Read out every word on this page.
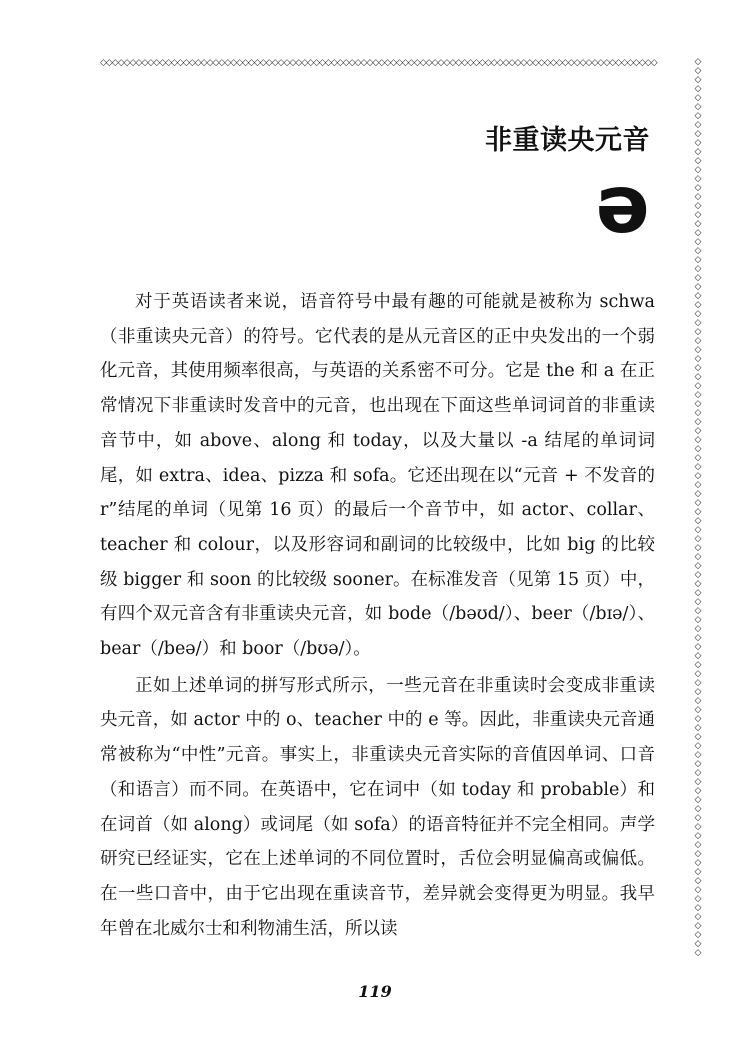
◇◇◇◇◇◇◇◇◇◇◇◇◇◇◇◇◇◇◇◇◇◇◇◇◇◇◇◇◇◇◇◇◇◇◇◇◇◇◇◇◇◇◇◇◇◇◇◇◇◇◇◇◇◇◇◇◇◇◇◇◇◇◇◇◇◇◇◇◇◇◇◇◇◇◇◇◇◇◇◇◇◇◇◇◇◇◇◇◇◇◇◇◇◇	◇
◇
◇
◇
◇
◇
◇
◇
◇
◇
◇
◇
◇
◇
◇
◇
◇
◇
◇
◇
◇
◇
◇
◇
◇
◇
◇
◇
◇
◇
◇
◇
◇
◇
◇
◇
◇
◇
◇
◇
◇
◇
◇
◇
◇
◇
◇
◇
◇
◇
◇
◇
◇
◇
◇
◇
◇
◇
◇
◇
◇
◇
◇
◇
◇
◇
◇
◇
◇
◇
◇
◇
◇
◇
◇
◇
◇
◇
◇
◇
◇
◇
◇
◇
◇
◇
◇
◇
◇
◇
◇
◇
◇
◇
◇
◇
◇
◇
◇
◇
非重读央元音
ə

对于英语读者来说，语音符号中最有趣的可能就是被称为 schwa（非重读央元音）的符号。它代表的是从元音区的正中央发出的一个弱化元音，其使用频率很高，与英语的关系密不可分。它是 the 和 a 在正常情况下非重读时发音中的元音，也出现在下面这些单词词首的非重读音节中，如 above、along 和 today，以及大量以 -a 结尾的单词词尾，如 extra、idea、pizza 和 sofa。它还出现在以“元音 + 不发音的 r”结尾的单词（见第 16 页）的最后一个音节中，如 actor、collar、teacher 和 colour，以及形容词和副词的比较级中，比如 big 的比较级 bigger 和 soon 的比较级 sooner。在标准发音（见第 15 页）中，有四个双元音含有非重读央元音，如 bode（/bəʊd/）、beer（/bɪə/）、bear（/beə/）和 boor（/bʊə/）。

正如上述单词的拼写形式所示，一些元音在非重读时会变成非重读央元音，如 actor 中的 o、teacher 中的 e 等。因此，非重读央元音通常被称为“中性”元音。事实上，非重读央元音实际的音值因单词、口音（和语言）而不同。在英语中，它在词中（如 today 和 probable）和在词首（如 along）或词尾（如 sofa）的语音特征并不完全相同。声学研究已经证实，它在上述单词的不同位置时，舌位会明显偏高或偏低。在一些口音中，由于它出现在重读音节，差异就会变得更为明显。我早年曾在北威尔士和利物浦生活，所以读

119
